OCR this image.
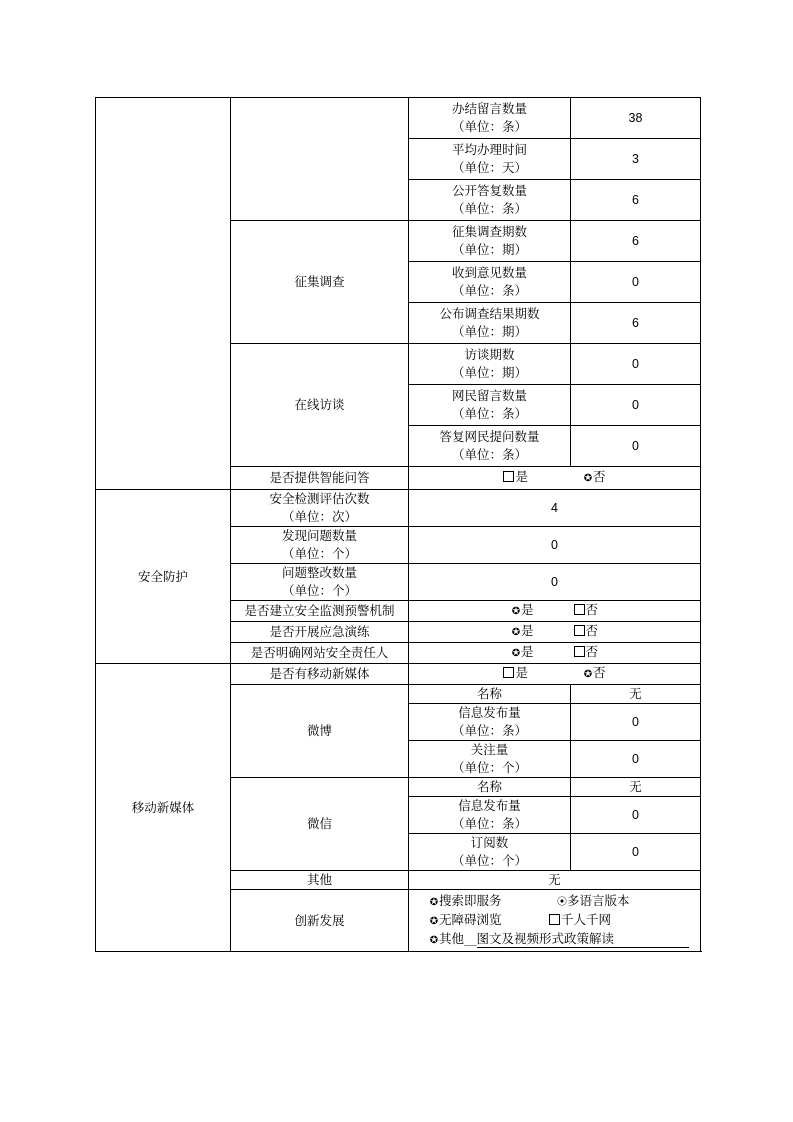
		办结留言数量
（单位：条）	38
		平均办理时间
（单位：天）	3
		公开答复数量
（单位：条）	6
	征集调查	征集调查期数
（单位：期）	6
		收到意见数量
（单位：条）	0
		公布调查结果期数
（单位：期）	6
	在线访谈	访谈期数
（单位：期）	0
		网民留言数量
（单位：条）	0
		答复网民提问数量
（单位：条）	0
	是否提供智能问答	是 ✪否	
安全防护	安全检测评估次数
（单位：次）	4	
	发现问题数量
（单位：个）	0	
	问题整改数量
（单位：个）	0	
	是否建立安全监测预警机制	✪是 否	
	是否开展应急演练	✪是 否	
	是否明确网站安全责任人	✪是 否	
移动新媒体	是否有移动新媒体	是 ✪否	
	微博	名称	无
		信息发布量
（单位：条）	0
		关注量
（单位：个）	0
	微信	名称	无
		信息发布量
（单位：条）	0
		订阅数
（单位：个）	0
	其他	无	
	创新发展	✪搜索即服务 ⦿多语言版本✪无障碍浏览 千人千网
✪其他__图文及视频形式政策解读	
